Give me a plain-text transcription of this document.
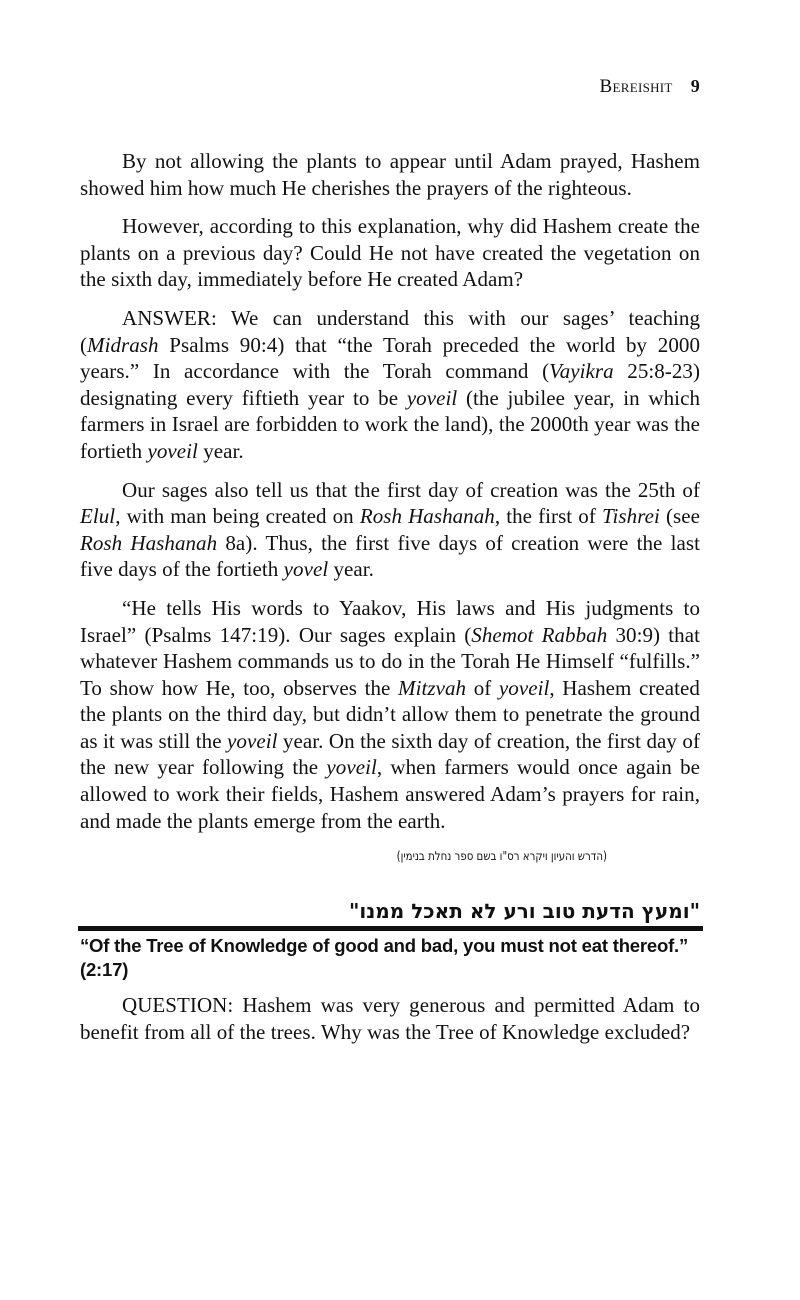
Bereishit 9

By not allowing the plants to appear until Adam prayed, Hashem showed him how much He cherishes the prayers of the righteous.

However, according to this explanation, why did Hashem create the plants on a previous day? Could He not have created the vegetation on the sixth day, immediately before He created Adam?

ANSWER: We can understand this with our sages’ teaching (Midrash Psalms 90:4) that “the Torah preceded the world by 2000 years.” In accordance with the Torah command (Vayikra 25:8-23) designating every fiftieth year to be yoveil (the jubilee year, in which farmers in Israel are forbidden to work the land), the 2000th year was the fortieth yoveil year.

Our sages also tell us that the first day of creation was the 25th of Elul, with man being created on Rosh Hashanah, the first of Tishrei (see Rosh Hashanah 8a). Thus, the first five days of creation were the last five days of the fortieth yovel year.

“He tells His words to Yaakov, His laws and His judgments to Israel” (Psalms 147:19). Our sages explain (Shemot Rabbah 30:9) that whatever Hashem commands us to do in the Torah He Himself “fulfills.” To show how He, too, observes the Mitzvah of yoveil, Hashem created the plants on the third day, but didn’t allow them to penetrate the ground as it was still the yoveil year. On the sixth day of creation, the first day of the new year following the yoveil, when farmers would once again be allowed to work their fields, Hashem answered Adam’s prayers for rain, and made the plants emerge from the earth.

(הדרש והעיון ויקרא רס"ו בשם ספר נחלת בנימין)
"ומעץ הדעת טוב ורע לא תאכל ממנו"
“Of the Tree of Knowledge of good and bad, you must not eat thereof.” (2:17)

QUESTION: Hashem was very generous and permitted Adam to benefit from all of the trees. Why was the Tree of Knowledge excluded?
